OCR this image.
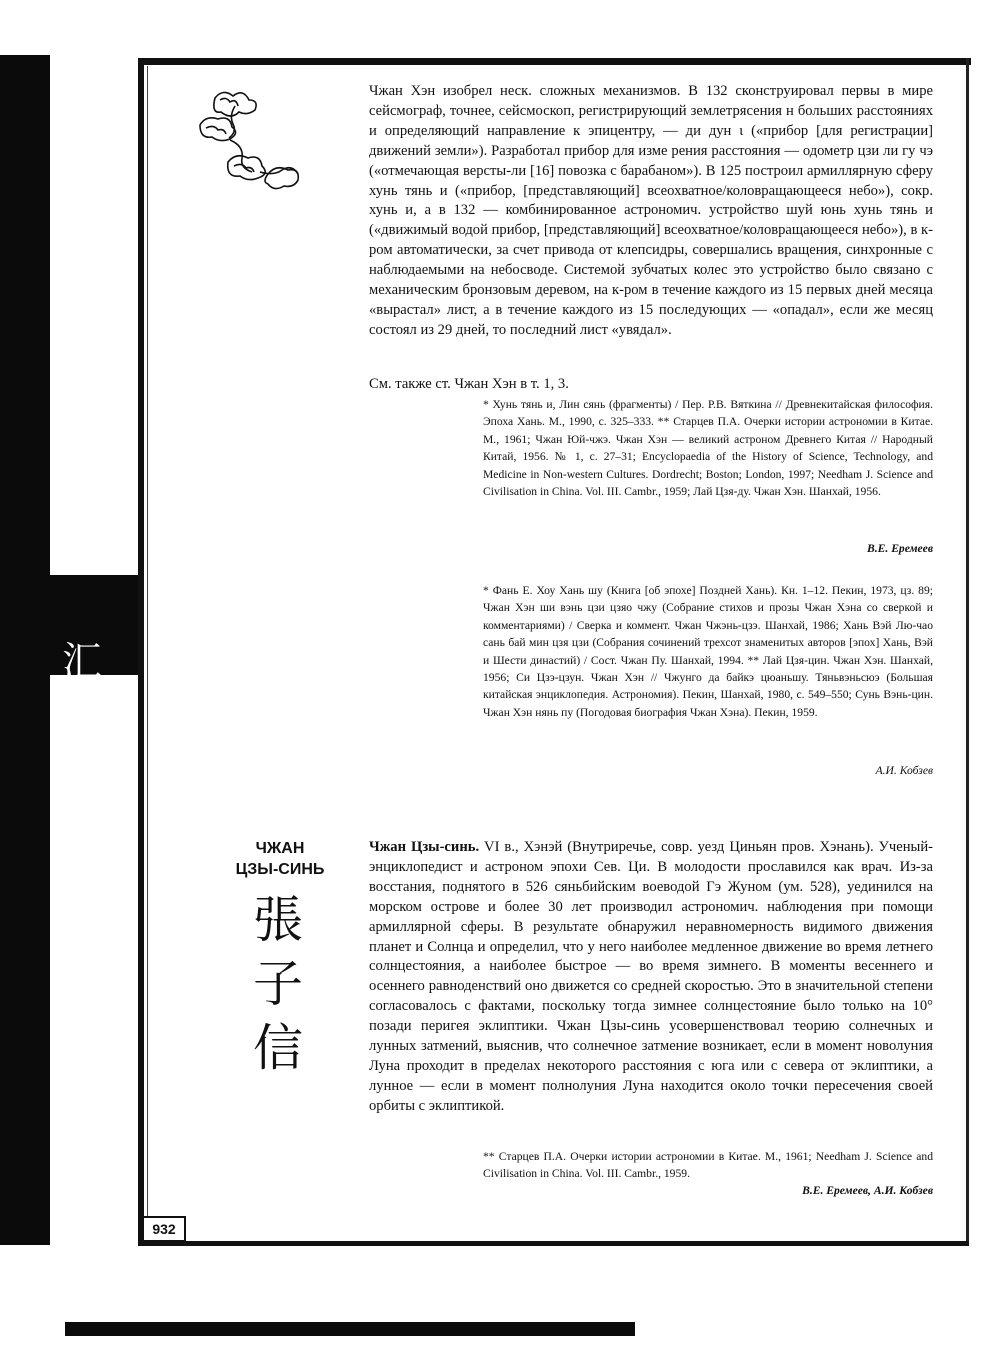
汇
Чжан Хэн изобрел неск. сложных механизмов. В 132 сконструировал первы в мире сейсмограф, точнее, сейсмоскоп, регистрирующий землетрясения н больших расстояниях и определяющий направление к эпицентру, — ди дун ι («прибор [для регистрации] движений земли»). Разработал прибор для изме рения расстояния — одометр цзи ли гу чэ («отмечающая версты-ли [16] повозка с барабаном»). В 125 построил армиллярную сферу хунь тянь и («прибор, [представляющий] всеохватное/коловращающееся небо»), сокр. хунь и, а в 132 — комбинированное астрономич. устройство шуй юнь хунь тянь и («движимый водой прибор, [представляющий] всеохватное/коловращающееся небо»), в к-ром автоматически, за счет привода от клепсидры, совершались вращения, синхронные с наблюдаемыми на небосводе. Системой зубчатых колес это устройство было связано с механическим бронзовым деревом, на к-ром в течение каждого из 15 первых дней месяца «вырастал» лист, а в течение каждого из 15 последующих — «опадал», если же месяц состоял из 29 дней, то последний лист «увядал».
См. также ст. Чжан Хэн в т. 1, 3.
* Хунь тянь и, Лин сянь (фрагменты) / Пер. Р.В. Вяткина // Древнекитайская философия. Эпоха Хань. М., 1990, с. 325–333. ** Старцев П.А. Очерки истории астрономии в Китае. М., 1961; Чжан Юй-чжэ. Чжан Хэн — великий астроном Древнего Китая // Народный Китай, 1956. № 1, с. 27–31; Encyclopaedia of the History of Science, Technology, and Medicine in Non-western Cultures. Dordrecht; Boston; London, 1997; Needham J. Science and Civilisation in China. Vol. III. Cambr., 1959; Лай Цзя-ду. Чжан Хэн. Шанхай, 1956.
В.Е. Еремеев
* Фань Е. Хоу Хань шу (Книга [об эпохе] Поздней Хань). Кн. 1–12. Пекин, 1973, цз. 89; Чжан Хэн ши вэнь цзи цзяо чжу (Собрание стихов и прозы Чжан Хэна со сверкой и комментариями) / Сверка и коммент. Чжан Чжэнь-цзэ. Шанхай, 1986; Хань Вэй Лю-чао сань бай мин цзя цзи (Собрания сочинений трехсот знаменитых авторов [эпох] Хань, Вэй и Шести династий) / Сост. Чжан Пу. Шанхай, 1994. ** Лай Цзя-цин. Чжан Хэн. Шанхай, 1956; Си Цзэ-цзун. Чжан Хэн // Чжунго да байкэ цюаньшу. Тяньвэньсюэ (Большая китайская энциклопедия. Астрономия). Пекин, Шанхай, 1980, с. 549–550; Сунь Вэнь-цин. Чжан Хэн нянь пу (Погодовая биография Чжан Хэна). Пекин, 1959.
А.И. Кобзев
ЧЖАН
ЦЗЫ-СИНЬ
張
子
信
Чжан Цзы-синь. VI в., Хэнэй (Внутриречье, совр. уезд Циньян пров. Хэнань). Ученый-энциклопедист и астроном эпохи Сев. Ци. В молодости прославился как врач. Из-за восстания, поднятого в 526 сяньбийским воеводой Гэ Жуном (ум. 528), уединился на морском острове и более 30 лет производил астрономич. наблюдения при помощи армиллярной сферы. В результате обнаружил неравномерность видимого движения планет и Солнца и определил, что у него наиболее медленное движение во время летнего солнцестояния, а наиболее быстрое — во время зимнего. В моменты весеннего и осеннего равноденствий оно движется со средней скоростью. Это в значительной степени согласовалось с фактами, поскольку тогда зимнее солнцестояние было только на 10° позади перигея эклиптики. Чжан Цзы-синь усовершенствовал теорию солнечных и лунных затмений, выяснив, что солнечное затмение возникает, если в момент новолуния Луна проходит в пределах некоторого расстояния с юга или с севера от эклиптики, а лунное — если в момент полнолуния Луна находится около точки пересечения своей орбиты с эклиптикой.
** Старцев П.А. Очерки истории астрономии в Китае. М., 1961; Needham J. Science and Civilisation in China. Vol. III. Cambr., 1959.
В.Е. Еремеев, А.И. Кобзев
932
